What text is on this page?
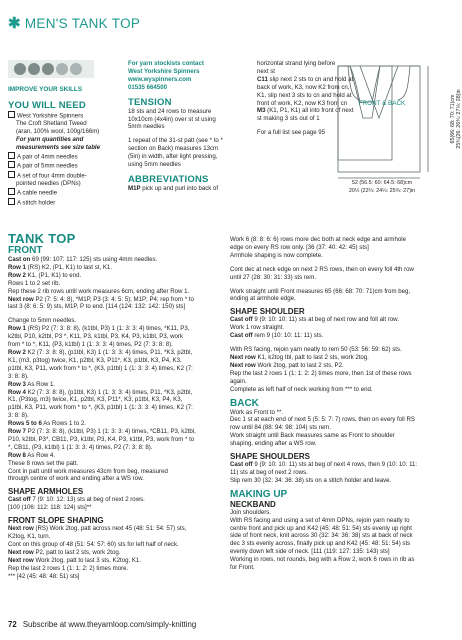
✱ MEN'S TANK TOP
IMPROVE YOUR SKILLS
YOU WILL NEED
West Yorkshire Spinners
The Croft Shetland Tweed
(aran, 100% wool, 100g/166m)
For yarn quantities and
measurements see size table
A pair of 4mm needles
A pair of 5mm needles
A set of four 4mm double-
pointed needles (DPNs)
A cable needle
A stitch holder
For yarn stockists contact
West Yorkshire Spinners
www.wyspinners.com
01535 664500
TENSION
18 sts and 24 rows to measure
10x10cm (4x4in) over st st using
5mm needles
1 repeat of the 31-st patt (see * to *
section on Back) measures 13cm
(5in) in width, after light pressing,
using 5mm needles
ABBREVIATIONS
M1P pick up and purl into back of
horizontal strand lying before
next st
C11 slip next 2 sts to cn and hold at
back of work, K3, now K2 from cn,
K1, slip next 3 sts to cn and hold at
front of work, K2, now K3 from cn
M3 (K1, P1, K1) all into front of next
st making 3 sts out of 1
For a full list see page 95
FRONT & BACK	65(66: 68: 70: 71)cm 25¾(26: 26¾: 27½: 28)in
52 (56.5: 60: 64.5: 68)cm
20½ (22¼: 24¼: 25¾: 27)in
TANK TOP
FRONT

Cast on 69 (99: 107: 117: 125) sts using 4mm needles.

Row 1 (RS) K2, (P1, K1) to last st, K1.

Row 2 K1, (P1, K1) to end.

Rows 1 to 2 set rib.

Rep these 2 rib rows until work measures 6cm, ending after Row 1.

Next row P2 (7: 5: 4: 8), *M1P, P3 (3: 4: 5: 5); M1P; P4; rep from * to

last 3 (8: 6: 5: 9) sts, M1P, P to end. [114 (124: 132: 142: 150) sts]

Change to 5mm needles.

Row 1 (RS) P2 (7: 3: 8: 8), (k1tbl, P3) 1 (1: 3: 3: 4) times, *K11, P3,

k2tbl, P10, k2tbl, P3 *, K11, P3, k1tbl, P3, K4, P3, k1tbl, P3, work

from * to *, K11, (P3, k1tbl) 1 (1: 3: 3: 4) times, P2 (7: 3: 8: 8).

Row 2 K2 (7: 3: 8: 8), (p1tbl, K3) 1 (1: 3: 3: 4) times, P11, *K3, p2tbl,

K1, (m3, p3tog) twice, K1, p2tbl, K3, P11*, K3, p1tbl, K3, P4, K3,

p1tbl, K3, P11, work from * to *, (K3, p1tbl) 1 (1: 3: 3: 4) times, K2 (7:

3: 8: 8).

Row 3 As Row 1.

Row 4 K2 (7: 3: 8: 8), (p1tbl, K3) 1 (1: 3: 3: 4) times, P11, *K3, p2tbl,

K1, (P3tog, m3) twice, K1, p2tbl, K3, P11*, K3, p1tbl, K3, P4, K3,

p1tbl, K3, P11, work from * to *, (K3, p1tbl) 1 (1: 3: 3: 4) times, K2 (7:

3: 8: 8).

Rows 5 to 6 As Rows 1 to 2.

Row 7 P2 (7: 3: 8: 8), (k1tbl, P3) 1 (1: 3: 3: 4) times, *CB11, P3, k2tbl,

P10, k2tbl, P3*, CB11, P3, k1tbl, P3, K4, P3, k1tbl, P3, work from * to

*, CB11, (P3, k1tbl) 1 (1: 3: 3: 4) times, P2 (7: 3: 8: 8).

Row 8 As Row 4.

These 8 rows set the patt.

Cont in patt until work measures 43cm from beg, measured

through centre of work and ending after a WS row.

SHAPE ARMHOLES

Cast off 7 (9: 10: 12: 13) sts at beg of next 2 rows.

[100 (106: 112: 118: 124) sts]**

FRONT SLOPE SHAPING

Next row (RS) Work 2tog, patt across next 45 (48: 51: 54: 57) sts,

K2tog, K1, turn.

Cont on this group of 48 (51: 54: 57: 60) sts for left half of neck.

Next row P2, patt to last 2 sts, work 2tog.

Next row Work 2tog, patt to last 3 sts, K2tog, K1.

Rep the last 2 rows 1 (1: 1: 2: 2) times more.

*** [42 (45: 48: 48: 51) sts]

Work 6 (8: 8: 6: 6) rows more dec both at neck edge and armhole

edge on every RS row only. [36 (37: 40: 42: 45) sts]

Armhole shaping is now complete.

Cont dec at neck edge on next 2 RS rows, then on every foll 4th row

until 27 (28: 30: 31: 33) sts rem.

Work straight until Front measures 65 (66: 68: 70: 71)cm from beg,

ending at armhole edge.

SHAPE SHOULDER

Cast off 9 (9: 10: 10: 11) sts at beg of next row and foll alt row.

Work 1 row straight.

Cast off rem 9 (10: 10: 11: 11) sts.

With RS facing, rejoin yarn neatly to rem 50 (53: 56: 59: 62) sts.

Next row K1, k2tog tbl, patt to last 2 sts, work 2tog.

Next row Work 2tog, patt to last 2 sts, P2.

Rep the last 2 rows 1 (1: 1: 2: 2) times more, then 1st of these rows

again.

Complete as left half of neck working from *** to end.

BACK

Work as Front to **.

Dec 1 st at each end of next 5 (5: 5: 7: 7) rows, then on every foll RS

row until 84 (88: 94: 98: 104) sts rem.

Work straight until Back measures same as Front to shoulder

shaping, ending after a WS row.

SHAPE SHOULDERS

Cast off 9 (9: 10: 10: 11) sts at beg of next 4 rows, then 9 (10: 10: 11:

11) sts at beg of next 2 rows.

Slip rem 30 (32: 34: 36: 38) sts on a stitch holder and leave.

MAKING UP
NECKBAND

Join shoulders.

With RS facing and using a set of 4mm DPNs, rejoin yarn neatly to

centre front and pick up and K42 (45: 48: 51: 54) sts evenly up right

side of front neck, knit across 30 (32: 34: 36: 38) sts at back of neck

dec 3 sts evenly across, finally pick up and K42 (45: 48: 51: 54) sts

evenly down left side of neck. [111 (119: 127: 135: 143) sts]

Working in rows, not rounds, beg with a Row 2, work 6 rows in rib as

for Front.

72 Subscribe at www.theyarnloop.com/simply-knitting
